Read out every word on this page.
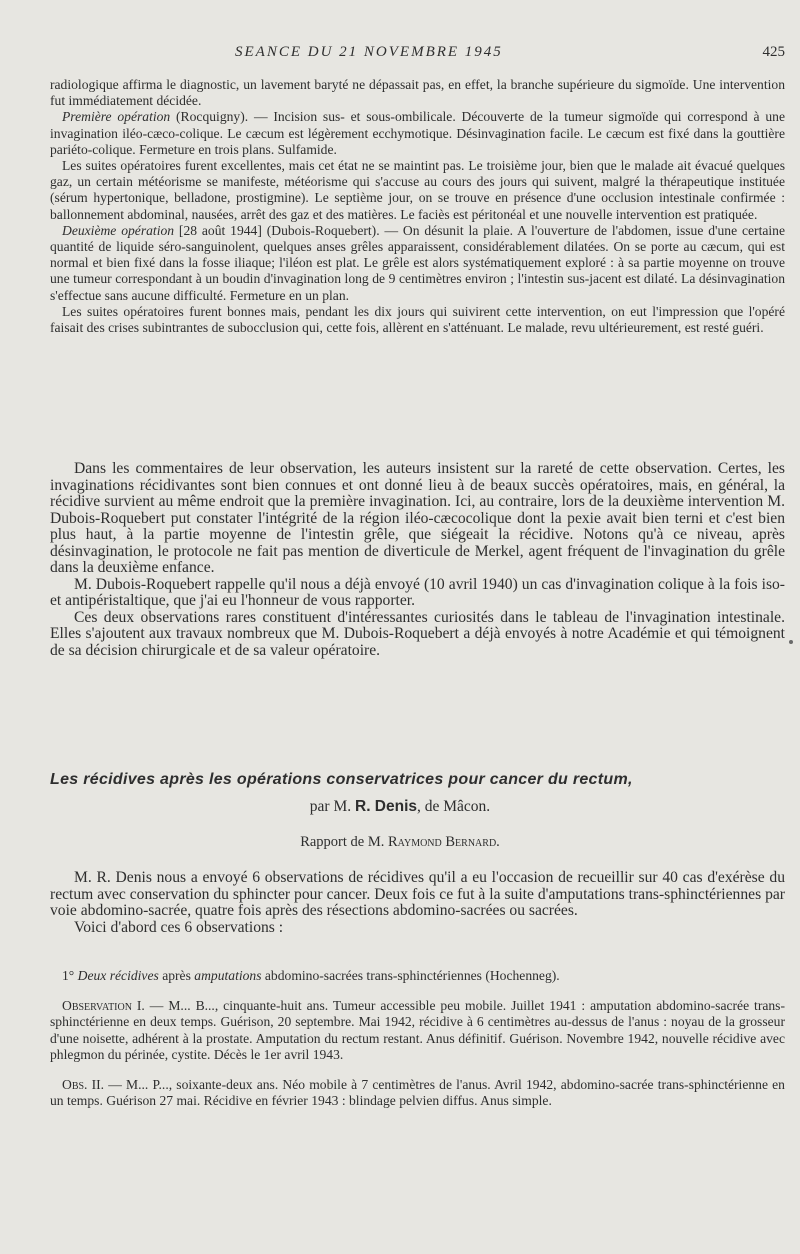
SEANCE DU 21 NOVEMBRE 1945	425

radiologique affirma le diagnostic, un lavement baryté ne dépassait pas, en effet, la branche supérieure du sigmoïde. Une intervention fut immédiatement décidée.

Première opération (Rocquigny). — Incision sus- et sous-ombilicale. Découverte de la tumeur sigmoïde qui correspond à une invagination iléo-cæco-colique. Le cæcum est légèrement ecchymotique. Désinvagination facile. Le cæcum est fixé dans la gouttière pariéto-colique. Fermeture en trois plans. Sulfamide.

Les suites opératoires furent excellentes, mais cet état ne se maintint pas. Le troisième jour, bien que le malade ait évacué quelques gaz, un certain météorisme se manifeste, météorisme qui s'accuse au cours des jours qui suivent, malgré la thérapeutique instituée (sérum hypertonique, belladone, prostigmine). Le septième jour, on se trouve en présence d'une occlusion intestinale confirmée : ballonnement abdominal, nausées, arrêt des gaz et des matières. Le faciès est péritonéal et une nouvelle intervention est pratiquée.

Deuxième opération [28 août 1944] (Dubois-Roquebert). — On désunit la plaie. A l'ouverture de l'abdomen, issue d'une certaine quantité de liquide séro-sanguinolent, quelques anses grêles apparaissent, considérablement dilatées. On se porte au cæcum, qui est normal et bien fixé dans la fosse iliaque; l'iléon est plat. Le grêle est alors systématiquement exploré : à sa partie moyenne on trouve une tumeur correspondant à un boudin d'invagination long de 9 centimètres environ ; l'intestin sus-jacent est dilaté. La désinvagination s'effectue sans aucune difficulté. Fermeture en un plan.

Les suites opératoires furent bonnes mais, pendant les dix jours qui suivirent cette intervention, on eut l'impression que l'opéré faisait des crises subintrantes de subocclusion qui, cette fois, allèrent en s'atténuant. Le malade, revu ultérieurement, est resté guéri.

Dans les commentaires de leur observation, les auteurs insistent sur la rareté de cette observation. Certes, les invaginations récidivantes sont bien connues et ont donné lieu à de beaux succès opératoires, mais, en général, la récidive survient au même endroit que la première invagination. Ici, au contraire, lors de la deuxième intervention M. Dubois-Roquebert put constater l'intégrité de la région iléo-cæcocolique dont la pexie avait bien terni et c'est bien plus haut, à la partie moyenne de l'intestin grêle, que siégeait la récidive. Notons qu'à ce niveau, après désinvagination, le protocole ne fait pas mention de diverticule de Merkel, agent fréquent de l'invagination du grêle dans la deuxième enfance.

M. Dubois-Roquebert rappelle qu'il nous a déjà envoyé (10 avril 1940) un cas d'invagination colique à la fois iso- et antipéristaltique, que j'ai eu l'honneur de vous rapporter.

Ces deux observations rares constituent d'intéressantes curiosités dans le tableau de l'invagination intestinale. Elles s'ajoutent aux travaux nombreux que M. Dubois-Roquebert a déjà envoyés à notre Académie et qui témoignent de sa décision chirurgicale et de sa valeur opératoire.

Les récidives après les opérations conservatrices pour cancer du rectum,
par M. R. Denis, de Mâcon.
Rapport de M. Raymond Bernard.

M. R. Denis nous a envoyé 6 observations de récidives qu'il a eu l'occasion de recueillir sur 40 cas d'exérèse du rectum avec conservation du sphincter pour cancer. Deux fois ce fut à la suite d'amputations trans-sphinctériennes par voie abdomino-sacrée, quatre fois après des résections abdomino-sacrées ou sacrées.

Voici d'abord ces 6 observations :

1° Deux récidives après amputations abdomino-sacrées trans-sphinctériennes (Hochenneg).

Observation I. — M... B..., cinquante-huit ans. Tumeur accessible peu mobile. Juillet 1941 : amputation abdomino-sacrée trans-sphinctérienne en deux temps. Guérison, 20 septembre. Mai 1942, récidive à 6 centimètres au-dessus de l'anus : noyau de la grosseur d'une noisette, adhérent à la prostate. Amputation du rectum restant. Anus définitif. Guérison. Novembre 1942, nouvelle récidive avec phlegmon du périnée, cystite. Décès le 1er avril 1943.

Obs. II. — M... P..., soixante-deux ans. Néo mobile à 7 centimètres de l'anus. Avril 1942, abdomino-sacrée trans-sphinctérienne en un temps. Guérison 27 mai. Récidive en février 1943 : blindage pelvien diffus. Anus simple.
